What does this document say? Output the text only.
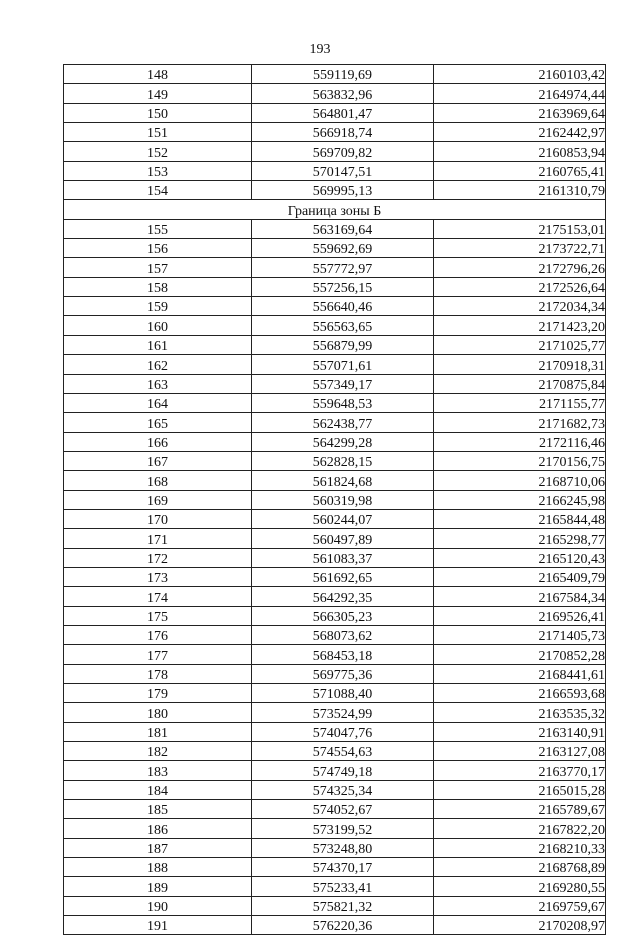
193
148	559119,69	2160103,42
149	563832,96	2164974,44
150	564801,47	2163969,64
151	566918,74	2162442,97
152	569709,82	2160853,94
153	570147,51	2160765,41
154	569995,13	2161310,79
Граница зоны Б		
155	563169,64	2175153,01
156	559692,69	2173722,71
157	557772,97	2172796,26
158	557256,15	2172526,64
159	556640,46	2172034,34
160	556563,65	2171423,20
161	556879,99	2171025,77
162	557071,61	2170918,31
163	557349,17	2170875,84
164	559648,53	2171155,77
165	562438,77	2171682,73
166	564299,28	2172116,46
167	562828,15	2170156,75
168	561824,68	2168710,06
169	560319,98	2166245,98
170	560244,07	2165844,48
171	560497,89	2165298,77
172	561083,37	2165120,43
173	561692,65	2165409,79
174	564292,35	2167584,34
175	566305,23	2169526,41
176	568073,62	2171405,73
177	568453,18	2170852,28
178	569775,36	2168441,61
179	571088,40	2166593,68
180	573524,99	2163535,32
181	574047,76	2163140,91
182	574554,63	2163127,08
183	574749,18	2163770,17
184	574325,34	2165015,28
185	574052,67	2165789,67
186	573199,52	2167822,20
187	573248,80	2168210,33
188	574370,17	2168768,89
189	575233,41	2169280,55
190	575821,32	2169759,67
191	576220,36	2170208,97
